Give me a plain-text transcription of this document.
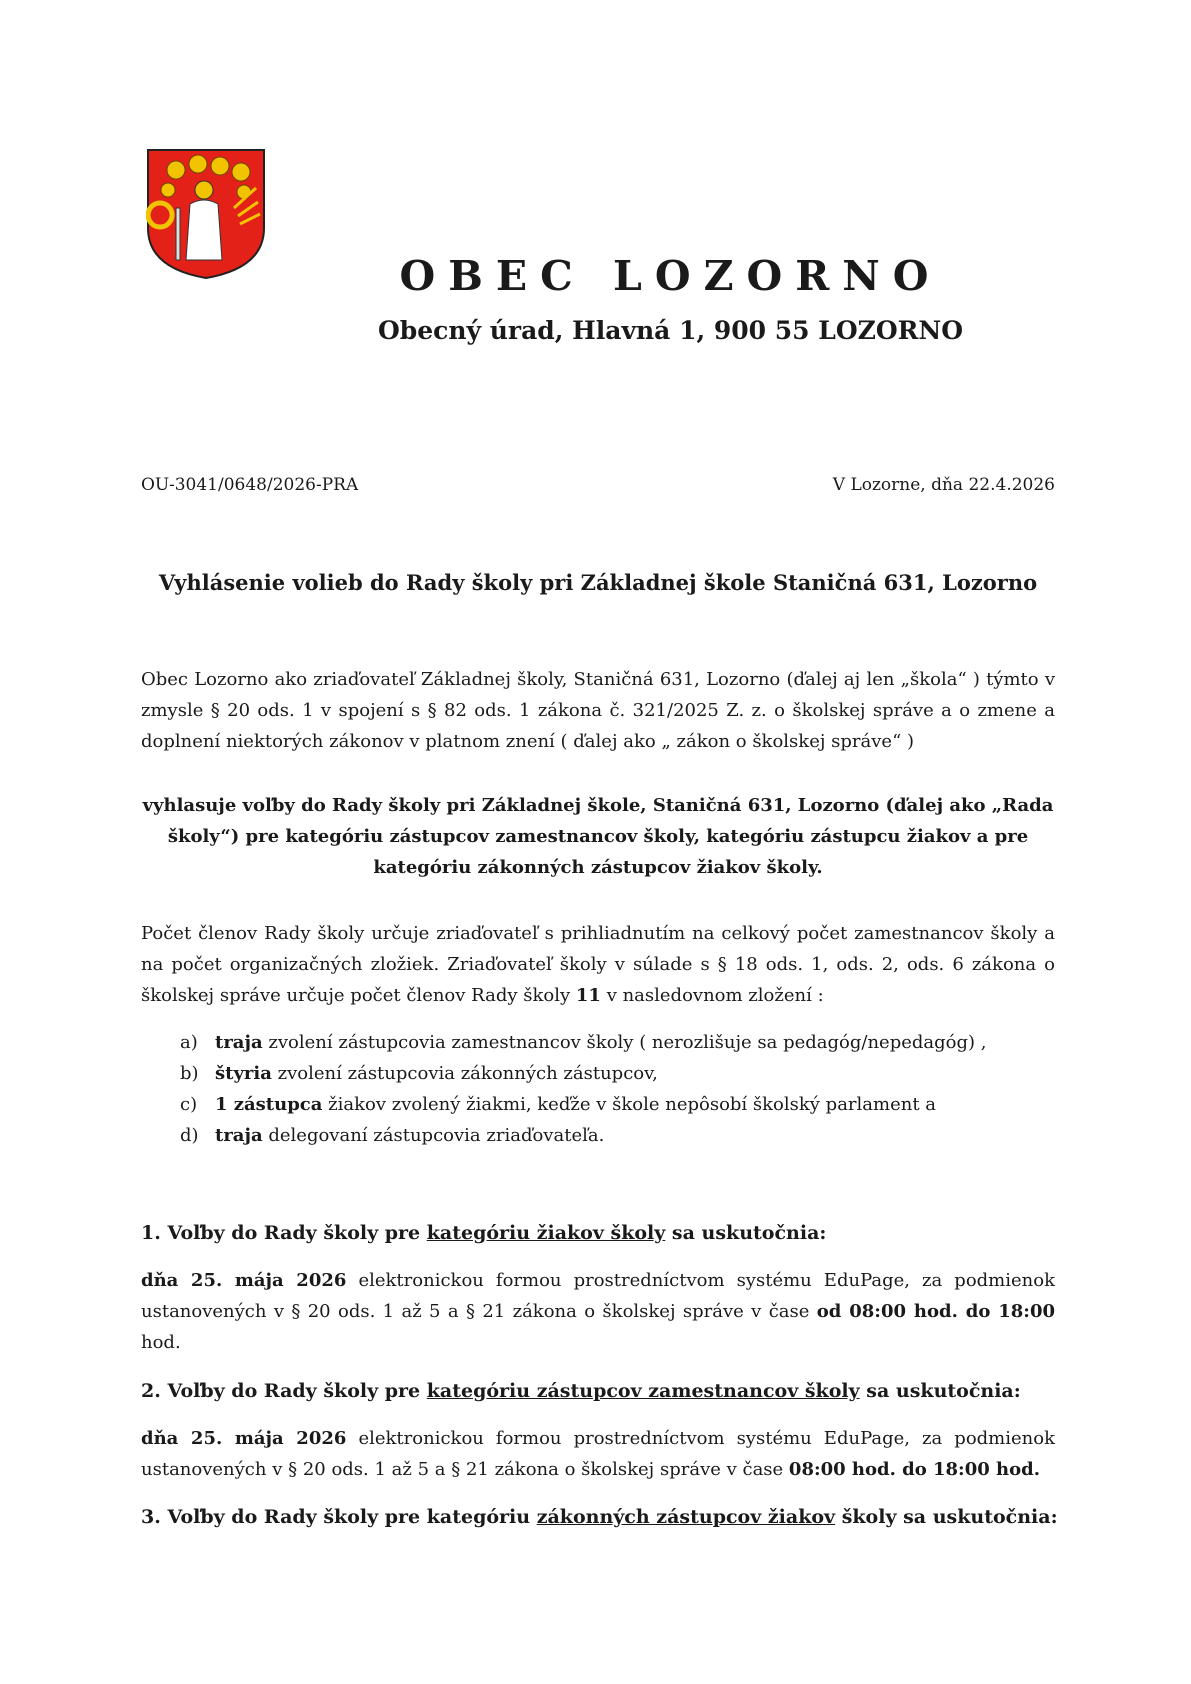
OBEC LOZORNO
Obecný úrad, Hlavná 1, 900 55 LOZORNO
OU-3041/0648/2026-PRA	V Lozorne, dňa 22.4.2026
Vyhlásenie volieb do Rady školy pri Základnej škole Staničná 631, Lozorno
Obec Lozorno ako zriaďovateľ Základnej školy, Staničná 631, Lozorno (ďalej aj len „škola“ ) týmto v zmysle § 20 ods. 1 v spojení s § 82 ods. 1 zákona č. 321/2025 Z. z. o školskej správe a o zmene a doplnení niektorých zákonov v platnom znení ( ďalej ako „ zákon o školskej správe“ )
vyhlasuje voľby do Rady školy pri Základnej škole, Staničná 631, Lozorno (ďalej ako „Rada školy“) pre kategóriu zástupcov zamestnancov školy, kategóriu zástupcu žiakov a pre kategóriu zákonných zástupcov žiakov školy.
Počet členov Rady školy určuje zriaďovateľ s prihliadnutím na celkový počet zamestnancov školy a na počet organizačných zložiek. Zriaďovateľ školy v súlade s § 18 ods. 1, ods. 2, ods. 6 zákona o školskej správe určuje počet členov Rady školy 11 v nasledovnom zložení :
a) traja zvolení zástupcovia zamestnancov školy ( nerozlišuje sa pedagóg/nepedagóg) ,
b) štyria zvolení zástupcovia zákonných zástupcov,
c) 1 zástupca žiakov zvolený žiakmi, keďže v škole nepôsobí školský parlament a
d) traja delegovaní zástupcovia zriaďovateľa.
1. Voľby do Rady školy pre kategóriu žiakov školy sa uskutočnia:
dňa 25. mája 2026 elektronickou formou prostredníctvom systému EduPage, za podmienok ustanovených v § 20 ods. 1 až 5 a § 21 zákona o školskej správe v čase od 08:00 hod. do 18:00 hod.
2. Voľby do Rady školy pre kategóriu zástupcov zamestnancov školy sa uskutočnia:
dňa 25. mája 2026 elektronickou formou prostredníctvom systému EduPage, za podmienok ustanovených v § 20 ods. 1 až 5 a § 21 zákona o školskej správe v čase 08:00 hod. do 18:00 hod.
3. Voľby do Rady školy pre kategóriu zákonných zástupcov žiakov školy sa uskutočnia:
